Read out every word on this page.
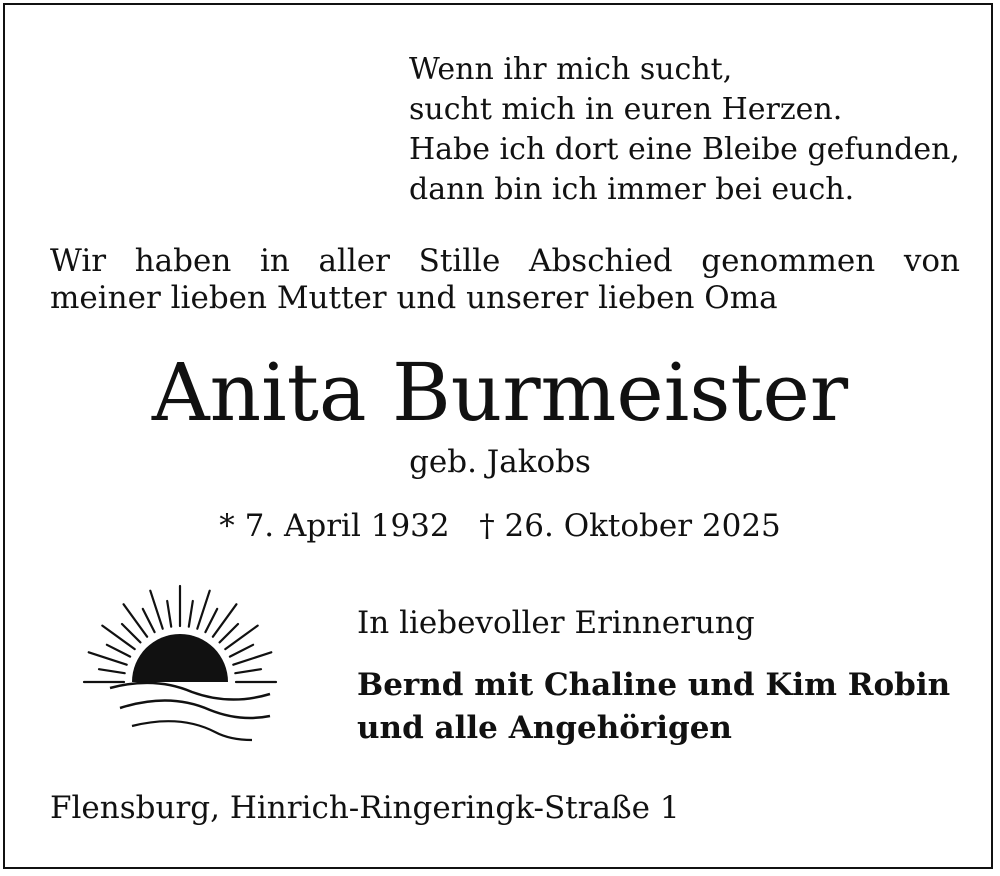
Wenn ihr mich sucht,
sucht mich in euren Herzen.
Habe ich dort eine Bleibe gefunden,
dann bin ich immer bei euch.
Wir haben in aller Stille Abschied genommen von
meiner lieben Mutter und unserer lieben Oma
Anita Burmeister
geb. Jakobs
* 7. April 1932   † 26. Oktober 2025
In liebevoller Erinnerung
Bernd mit Chaline und Kim Robin
und alle Angehörigen
Flensburg, Hinrich-Ringeringk-Straße 1
